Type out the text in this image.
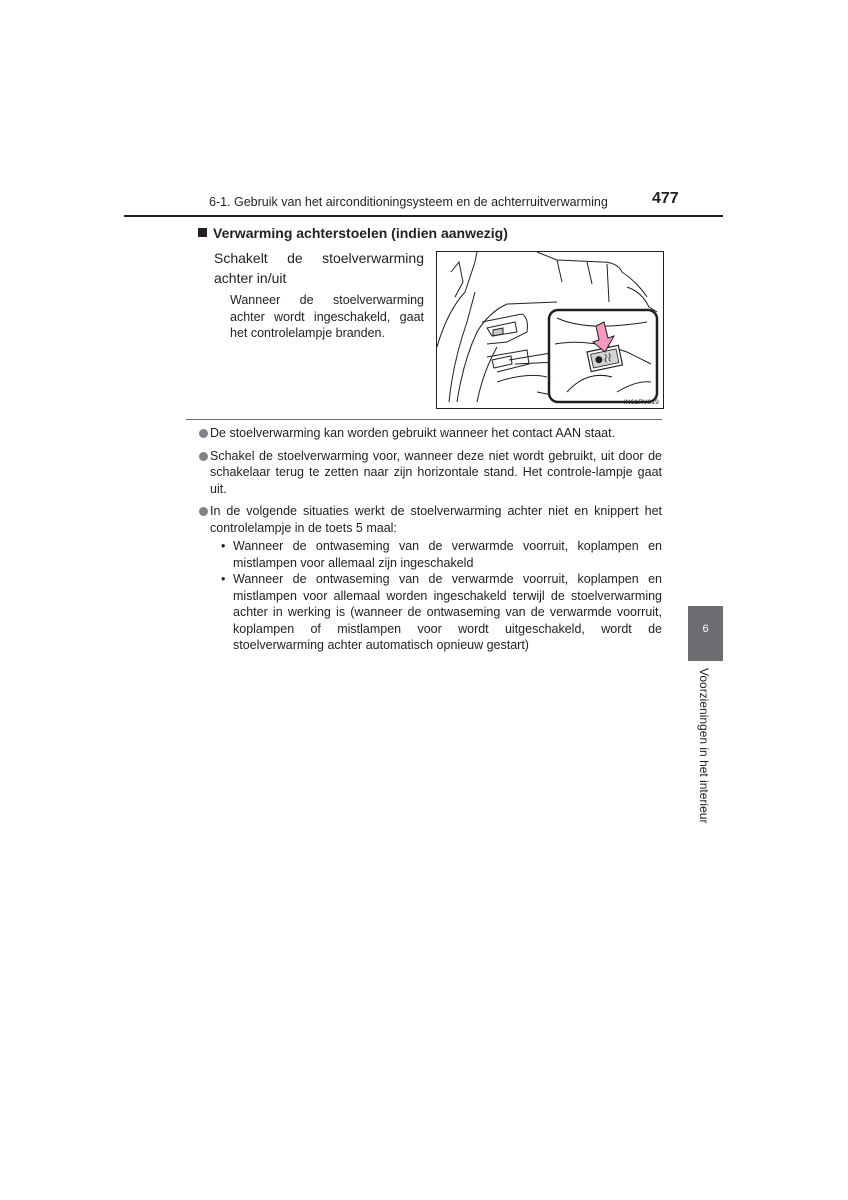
6-1. Gebruik van het airconditioningsysteem en de achterruitverwarming	477
Verwarming achterstoelen (indien aanwezig)
Schakelt de stoelverwarming achter in/uit
Wanneer de stoelverwarming achter wordt ingeschakeld, gaat het controlelampje branden.
IN61RV019
De stoelverwarming kan worden gebruikt wanneer het contact AAN staat.
Schakel de stoelverwarming voor, wanneer deze niet wordt gebruikt, uit door de schakelaar terug te zetten naar zijn horizontale stand. Het controle-lampje gaat uit.
In de volgende situaties werkt de stoelverwarming achter niet en knippert het controlelampje in de toets 5 maal:
• Wanneer de ontwaseming van de verwarmde voorruit, koplampen en mistlampen voor allemaal zijn ingeschakeld
• Wanneer de ontwaseming van de verwarmde voorruit, koplampen en mistlampen voor allemaal worden ingeschakeld terwijl de stoelverwarming achter in werking is (wanneer de ontwaseming van de verwarmde voorruit, koplampen of mistlampen voor wordt uitgeschakeld, wordt de stoelverwarming achter automatisch opnieuw gestart)
6
Voorzieningen in het interieur
